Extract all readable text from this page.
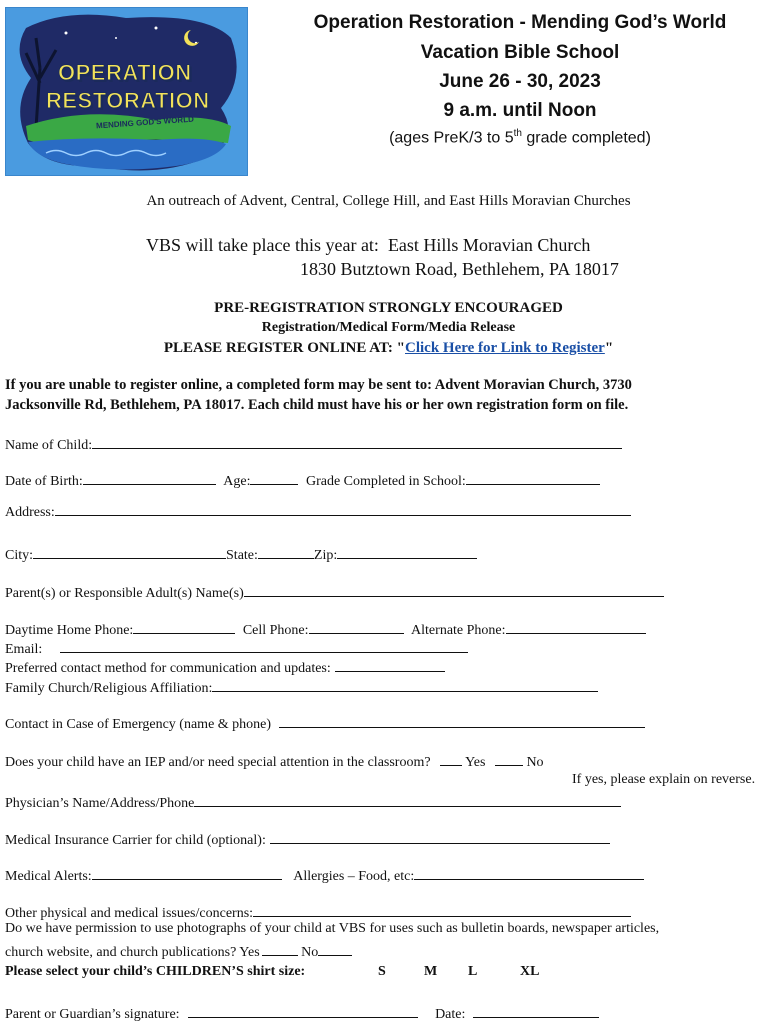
OPERATION
RESTORATION
MENDING GOD'S WORLD
Operation Restoration - Mending God’s World
Vacation Bible School
June 26 - 30, 2023
9 a.m. until Noon
(ages PreK/3 to 5th grade completed)
An outreach of Advent, Central, College Hill, and East Hills Moravian Churches
VBS will take place this year at: East Hills Moravian Church
1830 Butztown Road, Bethlehem, PA 18017
PRE-REGISTRATION STRONGLY ENCOURAGED
Registration/Medical Form/Media Release
PLEASE REGISTER ONLINE AT: "Click Here for Link to Register"
If you are unable to register online, a completed form may be sent to: Advent Moravian Church, 3730
Jacksonville Rd, Bethlehem, PA 18017. Each child must have his or her own registration form on file.
Name of Child:
Date of Birth:	Age:	Grade Completed in School:
Address:
City:	State:	Zip:
Parent(s) or Responsible Adult(s) Name(s)
Daytime Home Phone:	Cell Phone:	Alternate Phone:
Email:
Preferred contact method for communication and updates:
Family Church/Religious Affiliation:
Contact in Case of Emergency (name & phone)
Does your child have an IEP and/or need special attention in the classroom? Yes	No
If yes, please explain on reverse.
Physician’s Name/Address/Phone
Medical Insurance Carrier for child (optional):
Medical Alerts:	Allergies – Food, etc:
Other physical and medical issues/concerns:
Do we have permission to use photographs of your child at VBS for uses such as bulletin boards, newspaper articles,
church website, and church publications? Yes	No
Please select your child’s CHILDREN’S shirt size:	S	M L	XL
Parent or Guardian’s signature:	Date:
